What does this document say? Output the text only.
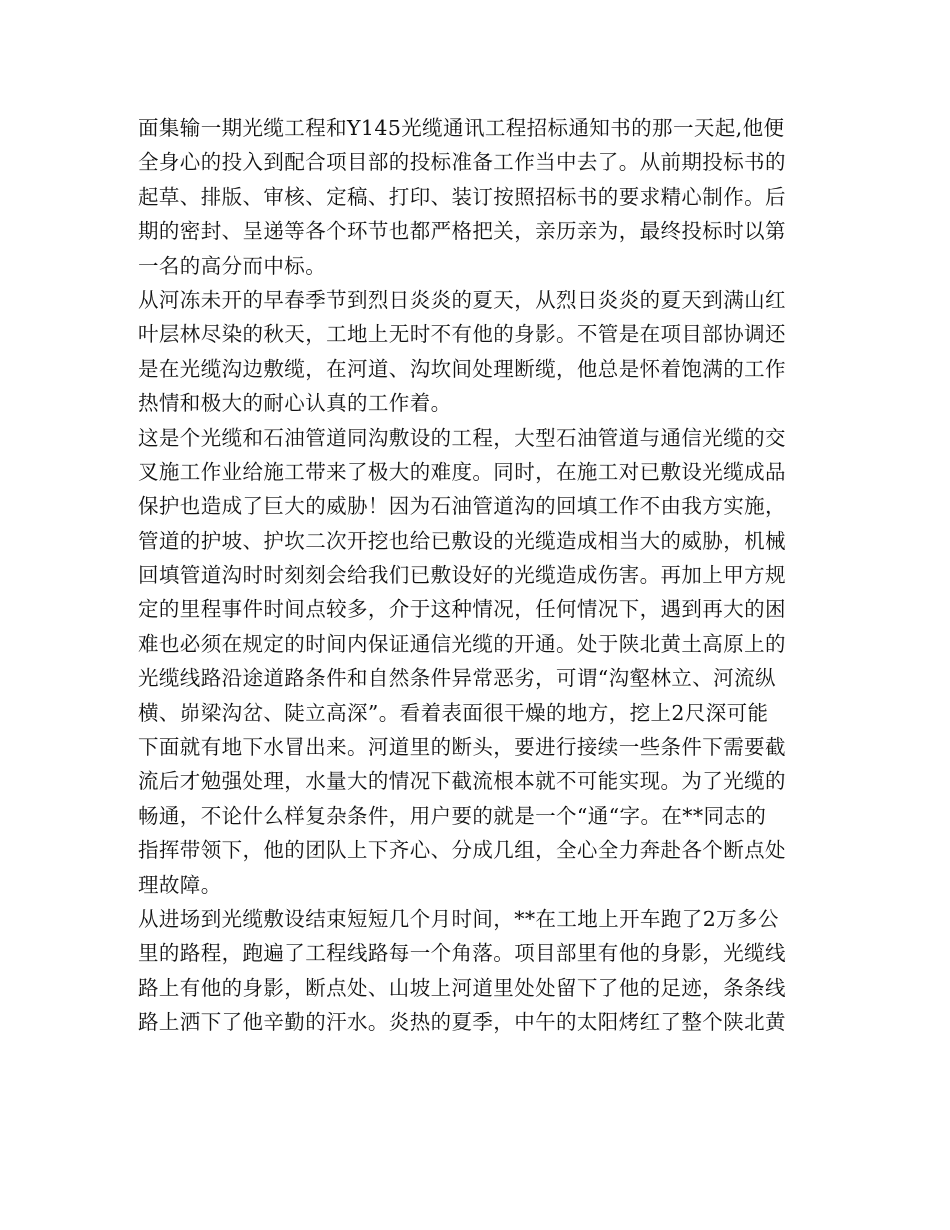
面集输一期光缆工程和Y145光缆通讯工程招标通知书的那一天起,他便
全身心的投入到配合项目部的投标准备工作当中去了。从前期投标书的
起草、排版、审核、定稿、打印、装订按照招标书的要求精心制作。后
期的密封、呈递等各个环节也都严格把关，亲历亲为，最终投标时以第
一名的高分而中标。
从河冻未开的早春季节到烈日炎炎的夏天，从烈日炎炎的夏天到满山红
叶层林尽染的秋天，工地上无时不有他的身影。不管是在项目部协调还
是在光缆沟边敷缆，在河道、沟坎间处理断缆，他总是怀着饱满的工作
热情和极大的耐心认真的工作着。
这是个光缆和石油管道同沟敷设的工程，大型石油管道与通信光缆的交
叉施工作业给施工带来了极大的难度。同时，在施工对已敷设光缆成品
保护也造成了巨大的威胁！因为石油管道沟的回填工作不由我方实施，
管道的护坡、护坎二次开挖也给已敷设的光缆造成相当大的威胁，机械
回填管道沟时时刻刻会给我们已敷设好的光缆造成伤害。再加上甲方规
定的里程事件时间点较多，介于这种情况，任何情况下，遇到再大的困
难也必须在规定的时间内保证通信光缆的开通。处于陕北黄土高原上的
光缆线路沿途道路条件和自然条件异常恶劣，可谓“沟壑林立、河流纵
横、峁梁沟岔、陡立高深”。看着表面很干燥的地方，挖上2尺深可能
下面就有地下水冒出来。河道里的断头，要进行接续一些条件下需要截
流后才勉强处理，水量大的情况下截流根本就不可能实现。为了光缆的
畅通，不论什么样复杂条件，用户要的就是一个“通“字。在**同志的
指挥带领下，他的团队上下齐心、分成几组，全心全力奔赴各个断点处
理故障。
从进场到光缆敷设结束短短几个月时间，**在工地上开车跑了2万多公
里的路程，跑遍了工程线路每一个角落。项目部里有他的身影，光缆线
路上有他的身影，断点处、山坡上河道里处处留下了他的足迹，条条线
路上洒下了他辛勤的汗水。炎热的夏季，中午的太阳烤红了整个陕北黄
